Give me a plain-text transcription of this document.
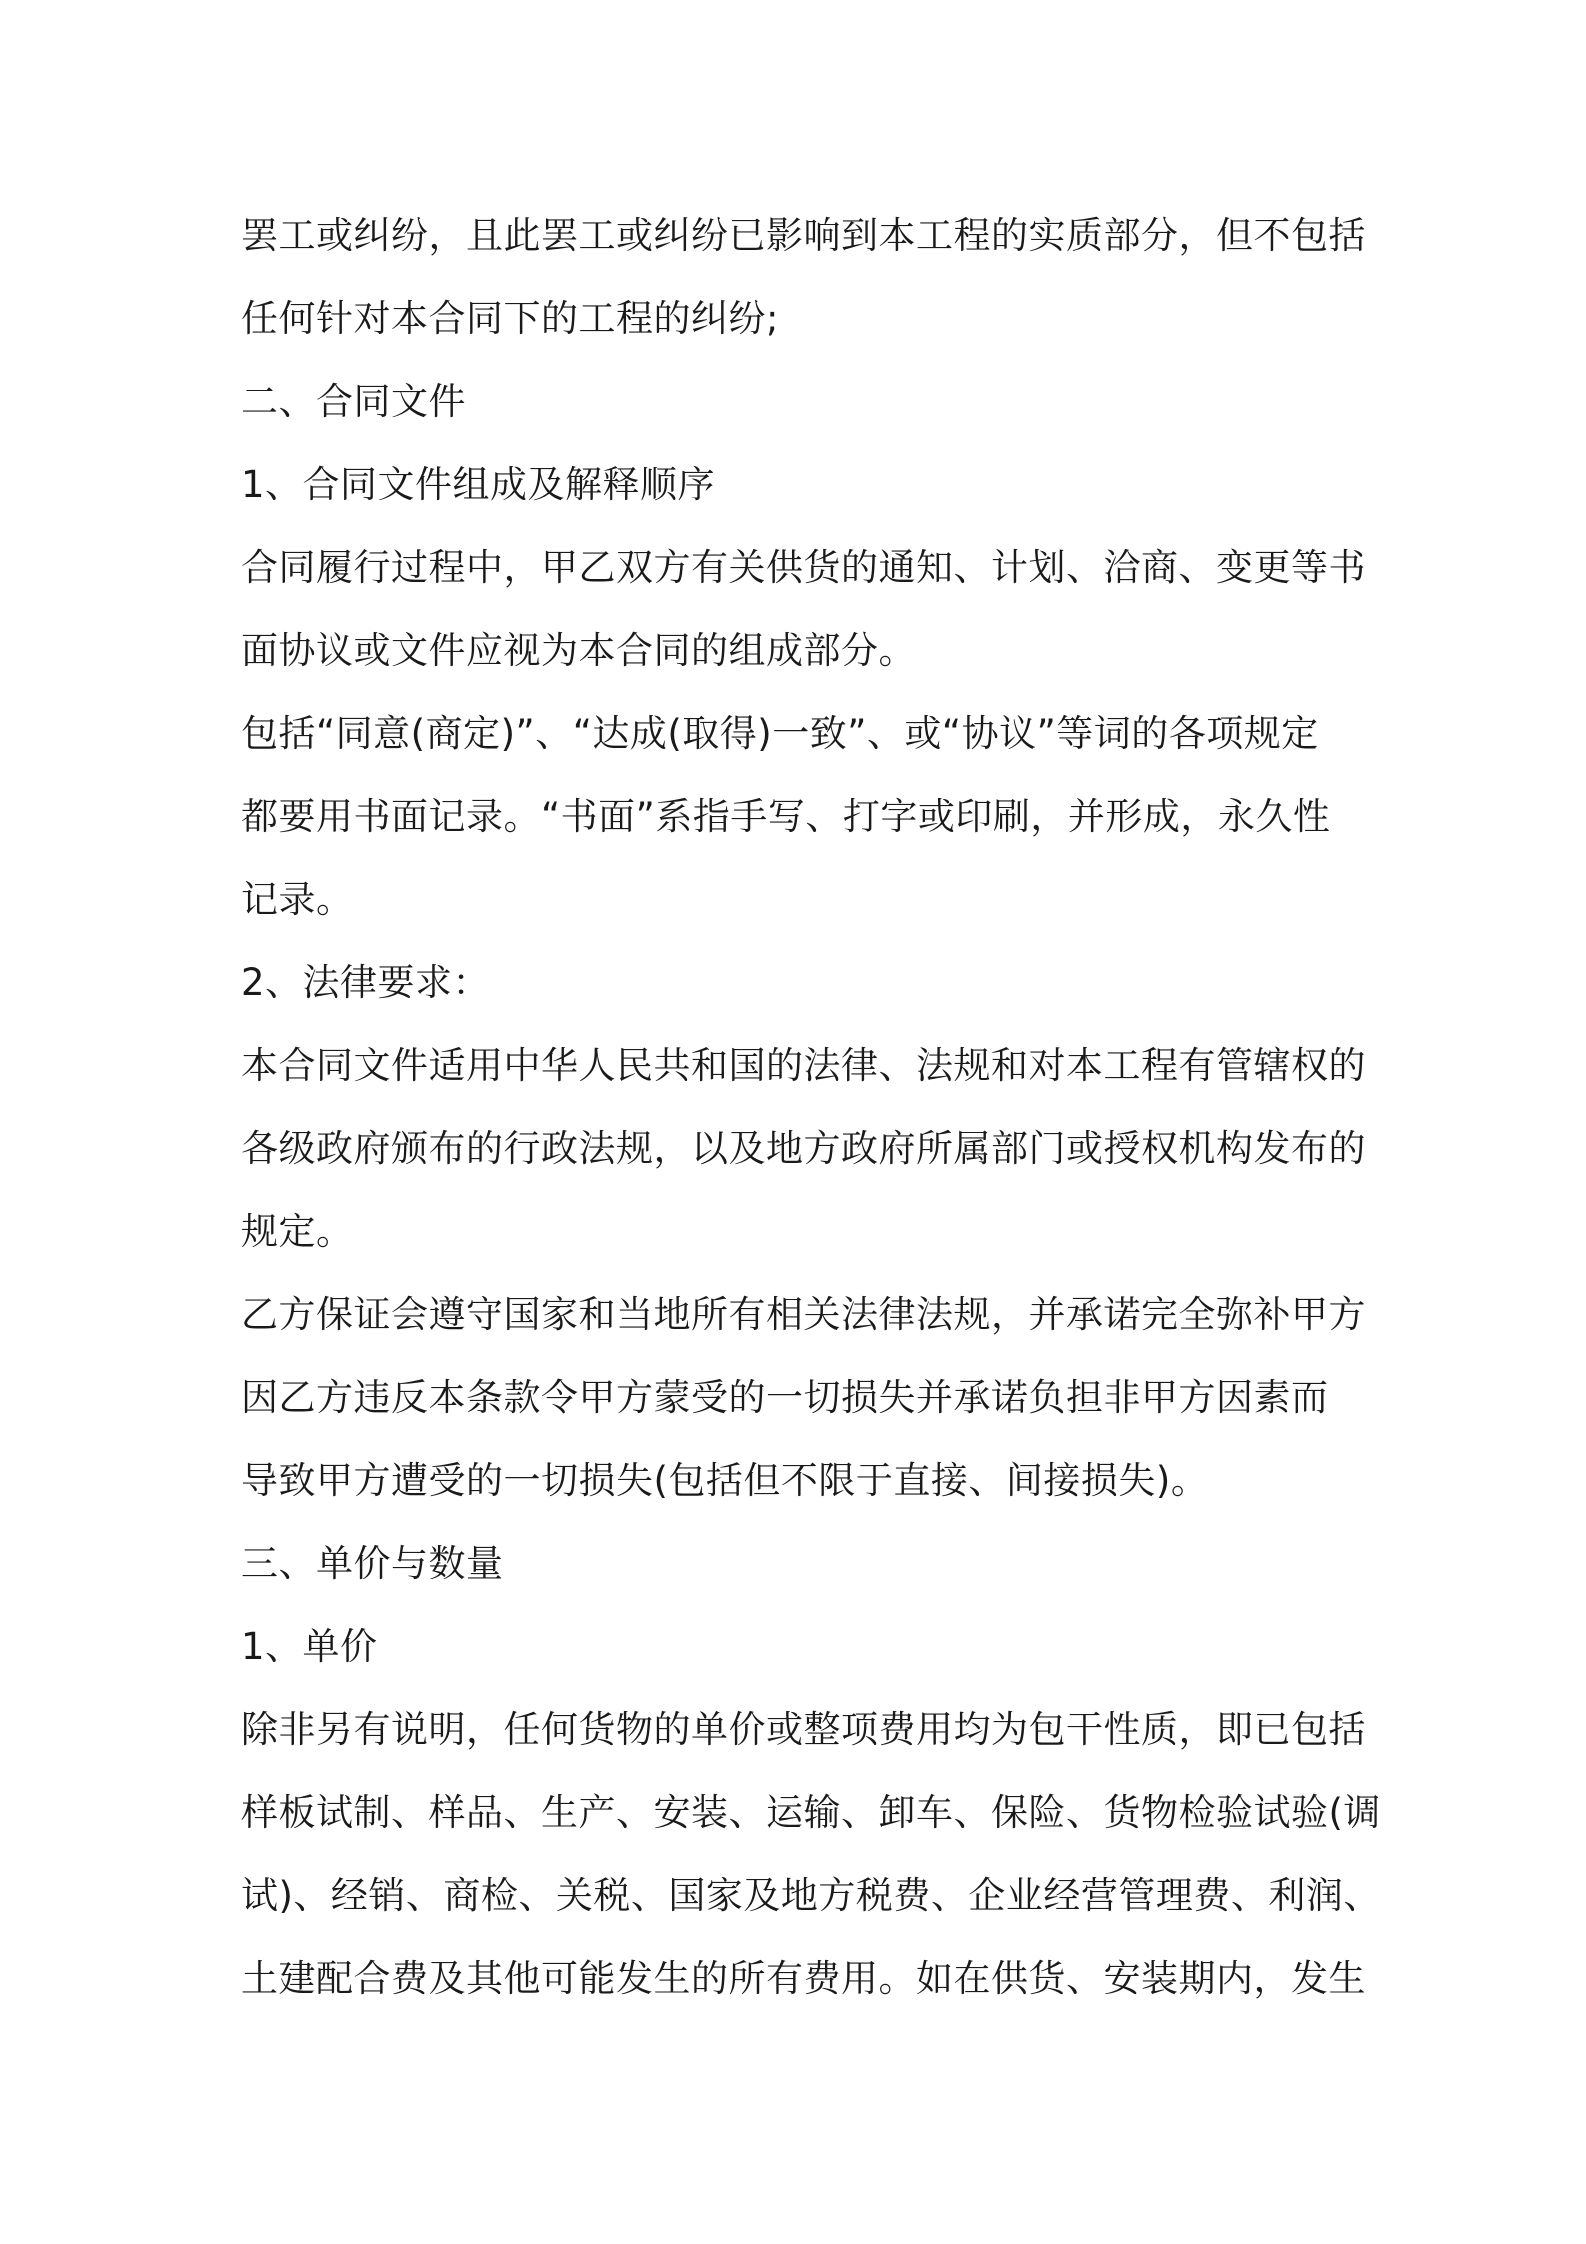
罢工或纠纷，且此罢工或纠纷已影响到本工程的实质部分，但不包括
任何针对本合同下的工程的纠纷;
二、合同文件
1、合同文件组成及解释顺序
合同履行过程中，甲乙双方有关供货的通知、计划、洽商、变更等书
面协议或文件应视为本合同的组成部分。
包括“同意(商定)”、“达成(取得)一致”、或“协议”等词的各项规定
都要用书面记录。“书面”系指手写、打字或印刷，并形成，永久性
记录。
2、法律要求：
本合同文件适用中华人民共和国的法律、法规和对本工程有管辖权的
各级政府颁布的行政法规，以及地方政府所属部门或授权机构发布的
规定。
乙方保证会遵守国家和当地所有相关法律法规，并承诺完全弥补甲方
因乙方违反本条款令甲方蒙受的一切损失并承诺负担非甲方因素而
导致甲方遭受的一切损失(包括但不限于直接、间接损失)。
三、单价与数量
1、单价
除非另有说明，任何货物的单价或整项费用均为包干性质，即已包括
样板试制、样品、生产、安装、运输、卸车、保险、货物检验试验(调
试)、经销、商检、关税、国家及地方税费、企业经营管理费、利润、
土建配合费及其他可能发生的所有费用。如在供货、安装期内，发生
